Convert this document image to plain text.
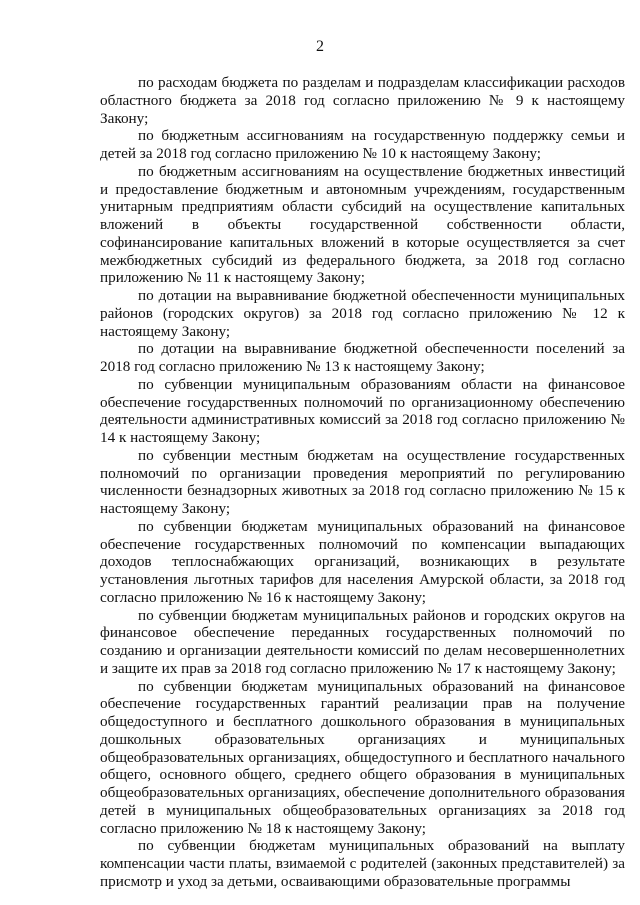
2

по расходам бюджета по разделам и подразделам классификации расходов областного бюджета за 2018 год согласно приложению № 9 к настоящему Закону;

по бюджетным ассигнованиям на государственную поддержку семьи и детей за 2018 год согласно приложению № 10 к настоящему Закону;

по бюджетным ассигнованиям на осуществление бюджетных инвестиций и предоставление бюджетным и автономным учреждениям, государственным унитарным предприятиям области субсидий на осуществление капитальных вложений в объекты государственной собственности области, софинансирование капитальных вложений в которые осуществляется за счет межбюджетных субсидий из федерального бюджета, за 2018 год согласно приложению № 11 к настоящему Закону;

по дотации на выравнивание бюджетной обеспеченности муниципальных районов (городских округов) за 2018 год согласно приложению № 12 к настоящему Закону;

по дотации на выравнивание бюджетной обеспеченности поселений за 2018 год согласно приложению № 13 к настоящему Закону;

по субвенции муниципальным образованиям области на финансовое обеспечение государственных полномочий по организационному обеспечению деятельности административных комиссий за 2018 год согласно приложению № 14 к настоящему Закону;

по субвенции местным бюджетам на осуществление государственных полномочий по организации проведения мероприятий по регулированию численности безнадзорных животных за 2018 год согласно приложению № 15 к настоящему Закону;

по субвенции бюджетам муниципальных образований на финансовое обеспечение государственных полномочий по компенсации выпадающих доходов теплоснабжающих организаций, возникающих в результате установления льготных тарифов для населения Амурской области, за 2018 год согласно приложению № 16 к настоящему Закону;

по субвенции бюджетам муниципальных районов и городских округов на финансовое обеспечение переданных государственных полномочий по созданию и организации деятельности комиссий по делам несовершеннолетних и защите их прав за 2018 год согласно приложению № 17 к настоящему Закону;

по субвенции бюджетам муниципальных образований на финансовое обеспечение государственных гарантий реализации прав на получение общедоступного и бесплатного дошкольного образования в муниципальных дошкольных образовательных организациях и муниципальных общеобразовательных организациях, общедоступного и бесплатного начального общего, основного общего, среднего общего образования в муниципальных общеобразовательных организациях, обеспечение дополнительного образования детей в муниципальных общеобразовательных организациях за 2018 год согласно приложению № 18 к настоящему Закону;

по субвенции бюджетам муниципальных образований на выплату компенсации части платы, взимаемой с родителей (законных представителей) за присмотр и уход за детьми, осваивающими образовательные программы
